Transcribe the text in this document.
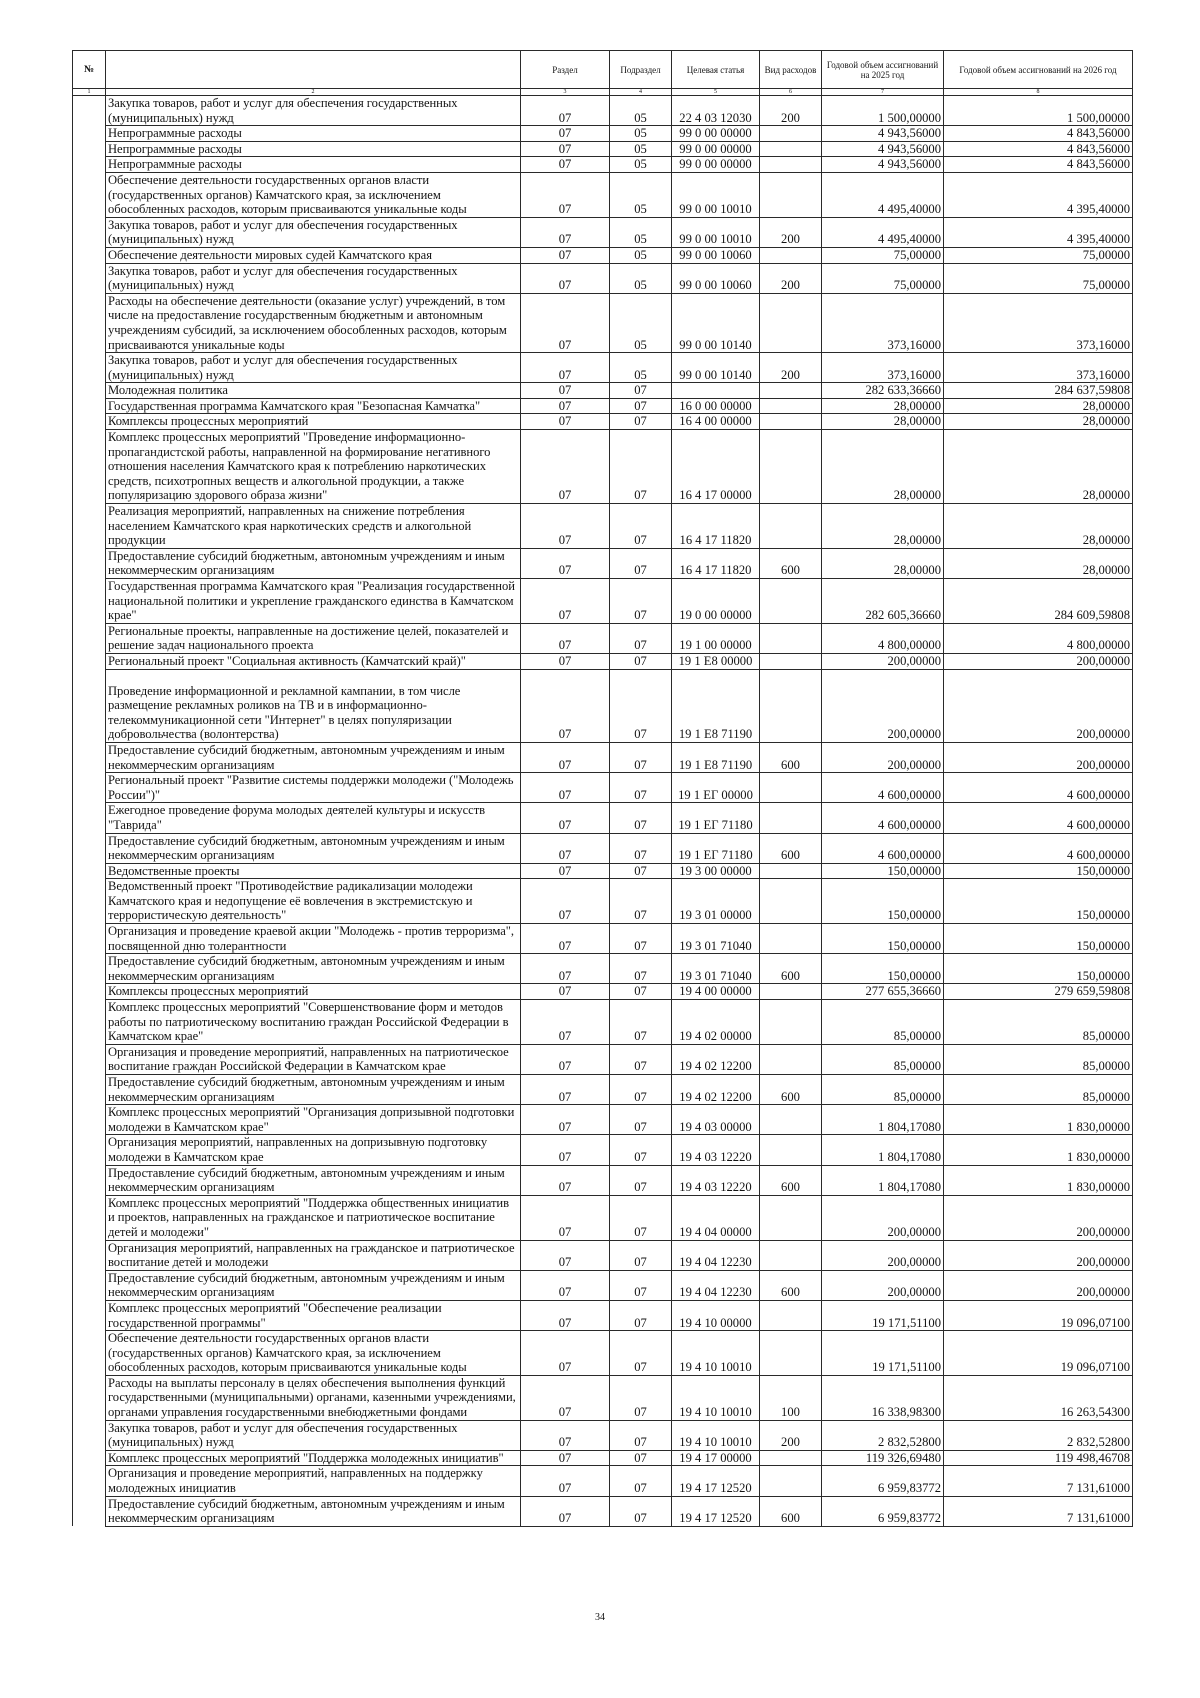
№		Раздел	Подраздел	Целевая статья	Вид расходов	Годовой объем ассигнований на 2025 год	Годовой объем ассигнований на 2026 год
1	2	3	4	5	6	7	8
	Закупка товаров, работ и услуг для обеспечения государственных (муниципальных) нужд	07	05	22 4 03 12030	200	1 500,00000	1 500,00000
	Непрограммные расходы	07	05	99 0 00 00000		4 943,56000	4 843,56000
	Непрограммные расходы	07	05	99 0 00 00000		4 943,56000	4 843,56000
	Непрограммные расходы	07	05	99 0 00 00000		4 943,56000	4 843,56000
	Обеспечение деятельности государственных органов власти (государственных органов) Камчатского края, за исключением обособленных расходов, которым присваиваются уникальные коды	07	05	99 0 00 10010		4 495,40000	4 395,40000
	Закупка товаров, работ и услуг для обеспечения государственных (муниципальных) нужд	07	05	99 0 00 10010	200	4 495,40000	4 395,40000
	Обеспечение деятельности мировых судей Камчатского края	07	05	99 0 00 10060		75,00000	75,00000
	Закупка товаров, работ и услуг для обеспечения государственных (муниципальных) нужд	07	05	99 0 00 10060	200	75,00000	75,00000
	Расходы на обеспечение деятельности (оказание услуг) учреждений, в том числе на предоставление государственным бюджетным и автономным учреждениям субсидий, за исключением обособленных расходов, которым присваиваются уникальные коды	07	05	99 0 00 10140		373,16000	373,16000
	Закупка товаров, работ и услуг для обеспечения государственных (муниципальных) нужд	07	05	99 0 00 10140	200	373,16000	373,16000
	Молодежная политика	07	07			282 633,36660	284 637,59808
	Государственная программа Камчатского края "Безопасная Камчатка"	07	07	16 0 00 00000		28,00000	28,00000
	Комплексы процессных мероприятий	07	07	16 4 00 00000		28,00000	28,00000
	Комплекс процессных мероприятий "Проведение информационно-пропагандистской работы, направленной на формирование негативного отношения населения Камчатского края к потреблению наркотических средств, психотропных веществ и алкогольной продукции, а также популяризацию здорового образа жизни"	07	07	16 4 17 00000		28,00000	28,00000
	Реализация мероприятий, направленных на снижение потребления населением Камчатского края наркотических средств и алкогольной продукции	07	07	16 4 17 11820		28,00000	28,00000
	Предоставление субсидий бюджетным, автономным учреждениям и иным некоммерческим организациям	07	07	16 4 17 11820	600	28,00000	28,00000
	Государственная программа Камчатского края "Реализация государственной национальной политики и укрепление гражданского единства в Камчатском крае"	07	07	19 0 00 00000		282 605,36660	284 609,59808
	Региональные проекты, направленные на достижение целей, показателей и решение задач национального проекта	07	07	19 1 00 00000		4 800,00000	4 800,00000
	Региональный проект "Социальная активность (Камчатский край)"	07	07	19 1 E8 00000		200,00000	200,00000
	Проведение информационной и рекламной кампании, в том числе размещение рекламных роликов на ТВ и в информационно-телекоммуникационной сети "Интернет" в целях популяризации добровольчества (волонтерства)	07	07	19 1 E8 71190		200,00000	200,00000
	Предоставление субсидий бюджетным, автономным учреждениям и иным некоммерческим организациям	07	07	19 1 E8 71190	600	200,00000	200,00000
	Региональный проект "Развитие системы поддержки молодежи ("Молодежь России")"	07	07	19 1 ЕГ 00000		4 600,00000	4 600,00000
	Ежегодное проведение форума молодых деятелей культуры и искусств "Таврида"	07	07	19 1 ЕГ 71180		4 600,00000	4 600,00000
	Предоставление субсидий бюджетным, автономным учреждениям и иным некоммерческим организациям	07	07	19 1 ЕГ 71180	600	4 600,00000	4 600,00000
	Ведомственные проекты	07	07	19 3 00 00000		150,00000	150,00000
	Ведомственный проект "Противодействие радикализации молодежи Камчатского края и недопущение её вовлечения в экстремистскую и террористическую деятельность"	07	07	19 3 01 00000		150,00000	150,00000
	Организация и проведение краевой акции "Молодежь - против терроризма", посвященной дню толерантности	07	07	19 3 01 71040		150,00000	150,00000
	Предоставление субсидий бюджетным, автономным учреждениям и иным некоммерческим организациям	07	07	19 3 01 71040	600	150,00000	150,00000
	Комплексы процессных мероприятий	07	07	19 4 00 00000		277 655,36660	279 659,59808
	Комплекс процессных мероприятий "Совершенствование форм и методов работы по патриотическому воспитанию граждан Российской Федерации в Камчатском крае"	07	07	19 4 02 00000		85,00000	85,00000
	Организация и проведение мероприятий, направленных на патриотическое воспитание граждан Российской Федерации в Камчатском крае	07	07	19 4 02 12200		85,00000	85,00000
	Предоставление субсидий бюджетным, автономным учреждениям и иным некоммерческим организациям	07	07	19 4 02 12200	600	85,00000	85,00000
	Комплекс процессных мероприятий "Организация допризывной подготовки молодежи в Камчатском крае"	07	07	19 4 03 00000		1 804,17080	1 830,00000
	Организация мероприятий, направленных на допризывную подготовку молодежи в Камчатском крае	07	07	19 4 03 12220		1 804,17080	1 830,00000
	Предоставление субсидий бюджетным, автономным учреждениям и иным некоммерческим организациям	07	07	19 4 03 12220	600	1 804,17080	1 830,00000
	Комплекс процессных мероприятий "Поддержка общественных инициатив и проектов, направленных на гражданское и патриотическое воспитание детей и молодежи"	07	07	19 4 04 00000		200,00000	200,00000
	Организация мероприятий, направленных на гражданское и патриотическое воспитание детей и молодежи	07	07	19 4 04 12230		200,00000	200,00000
	Предоставление субсидий бюджетным, автономным учреждениям и иным некоммерческим организациям	07	07	19 4 04 12230	600	200,00000	200,00000
	Комплекс процессных мероприятий "Обеспечение реализации государственной программы"	07	07	19 4 10 00000		19 171,51100	19 096,07100
	Обеспечение деятельности государственных органов власти (государственных органов) Камчатского края, за исключением обособленных расходов, которым присваиваются уникальные коды	07	07	19 4 10 10010		19 171,51100	19 096,07100
	Расходы на выплаты персоналу в целях обеспечения выполнения функций государственными (муниципальными) органами, казенными учреждениями, органами управления государственными внебюджетными фондами	07	07	19 4 10 10010	100	16 338,98300	16 263,54300
	Закупка товаров, работ и услуг для обеспечения государственных (муниципальных) нужд	07	07	19 4 10 10010	200	2 832,52800	2 832,52800
	Комплекс процессных мероприятий "Поддержка молодежных инициатив"	07	07	19 4 17 00000		119 326,69480	119 498,46708
	Организация и проведение мероприятий, направленных на поддержку молодежных инициатив	07	07	19 4 17 12520		6 959,83772	7 131,61000
	Предоставление субсидий бюджетным, автономным учреждениям и иным некоммерческим организациям	07	07	19 4 17 12520	600	6 959,83772	7 131,61000
34
